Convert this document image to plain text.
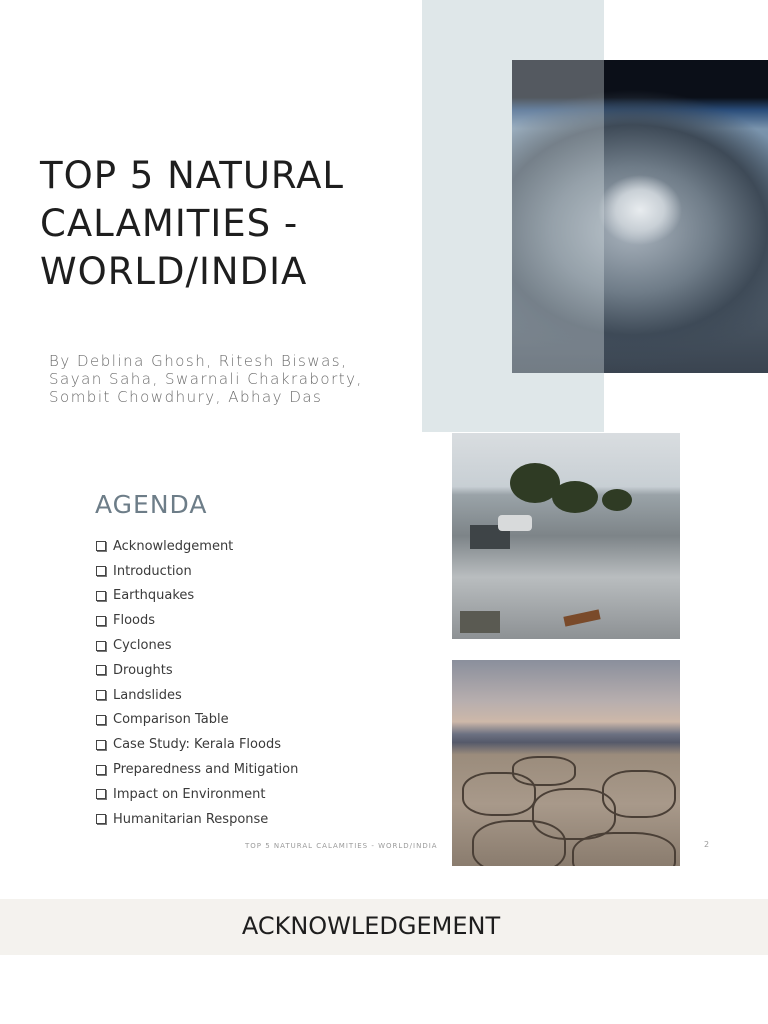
TOP 5 NATURAL
CALAMITIES -
WORLD/INDIA
By Deblina Ghosh, Ritesh Biswas,
Sayan Saha, Swarnali Chakraborty,
Sombit Chowdhury, Abhay Das
AGENDA
Acknowledgement
Introduction
Earthquakes
Floods
Cyclones
Droughts
Landslides
Comparison Table
Case Study: Kerala Floods
Preparedness and Mitigation
Impact on Environment
Humanitarian Response
TOP 5 NATURAL CALAMITIES - WORLD/INDIA	2
ACKNOWLEDGEMENT
